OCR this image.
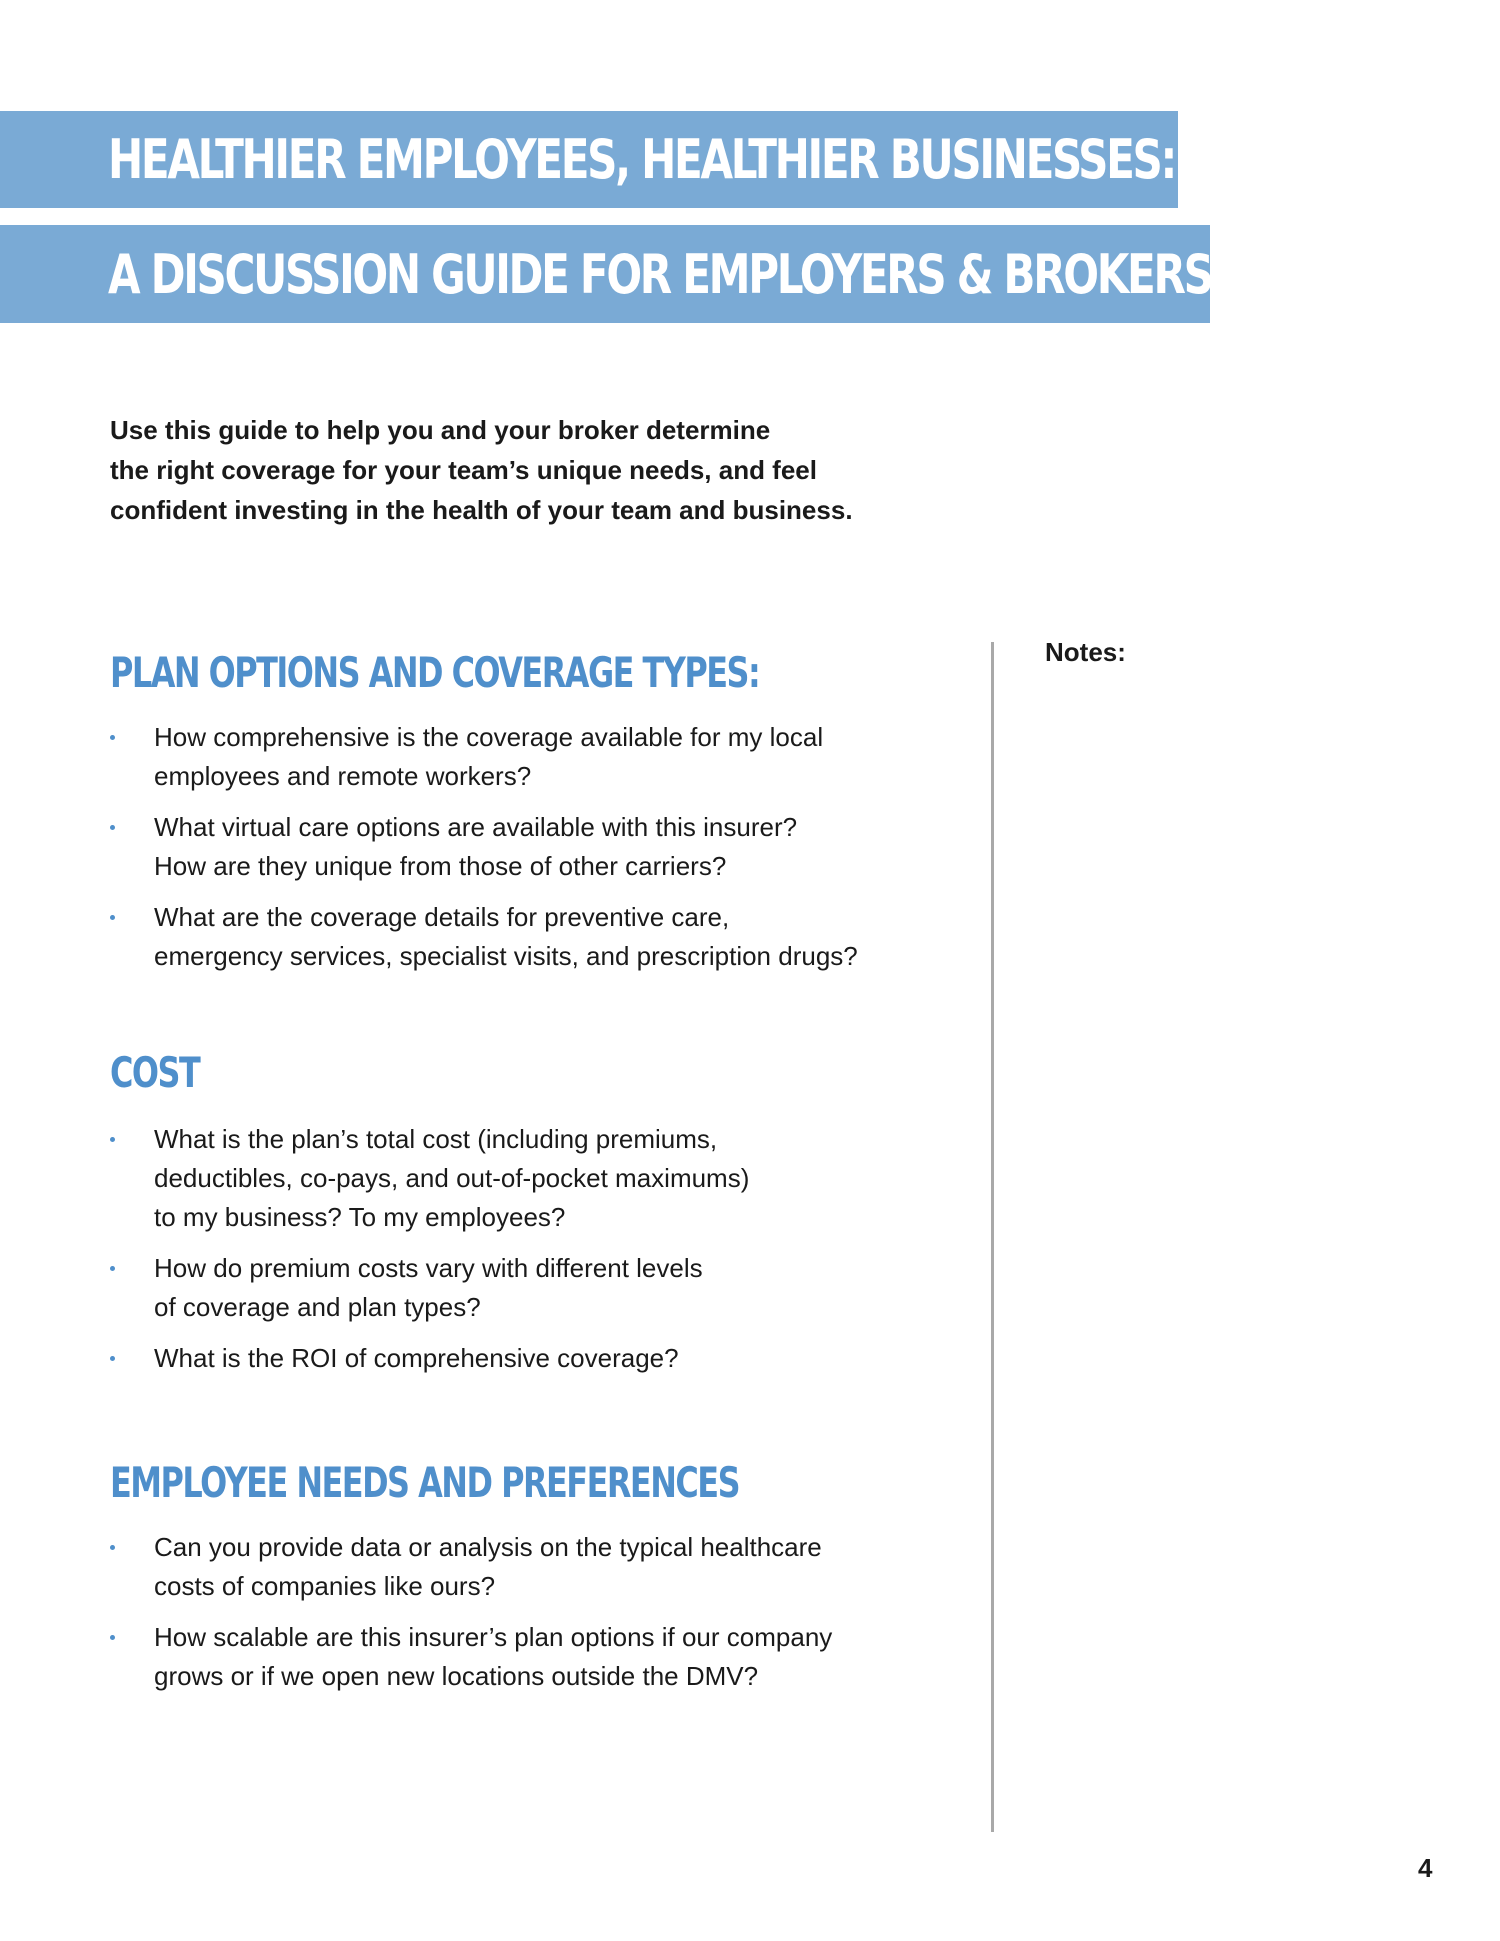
HEALTHIER EMPLOYEES, HEALTHIER BUSINESSES:
A DISCUSSION GUIDE FOR EMPLOYERS & BROKERS
Use this guide to help you and your broker determine
the right coverage for your team’s unique needs, and feel
confident investing in the health of your team and business.
PLAN OPTIONS AND COVERAGE TYPES:
How comprehensive is the coverage available for my local
employees and remote workers?
What virtual care options are available with this insurer?
How are they unique from those of other carriers?
What are the coverage details for preventive care,
emergency services, specialist visits, and prescription drugs?
COST
What is the plan’s total cost (including premiums,
deductibles, co-pays, and out-of-pocket maximums)
to my business? To my employees?
How do premium costs vary with different levels
of coverage and plan types?
What is the ROI of comprehensive coverage?
EMPLOYEE NEEDS AND PREFERENCES
Can you provide data or analysis on the typical healthcare
costs of companies like ours?
How scalable are this insurer’s plan options if our company
grows or if we open new locations outside the DMV?
Notes:
4
